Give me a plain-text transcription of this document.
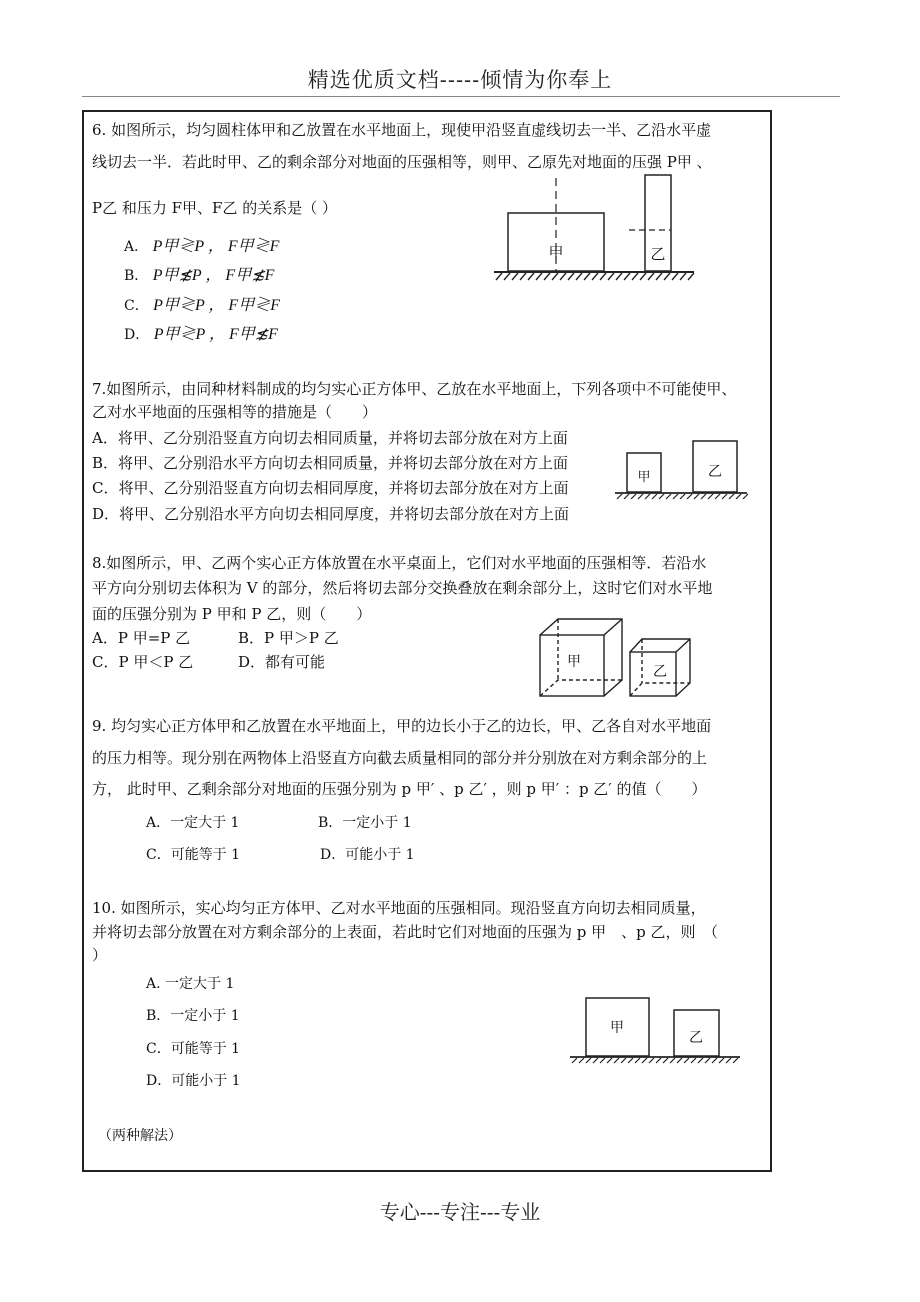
精选优质文档-----倾情为你奉上
6. 如图所示，均匀圆柱体甲和乙放置在水平地面上，现使甲沿竖直虚线切去一半、乙沿水平虚
线切去一半．若此时甲、乙的剩余部分对地面的压强相等，则甲、乙原先对地面的压强 P甲 、
P乙 和压力 F甲、F乙 的关系是（ ）
A． P甲≷P ， F甲≷F
B． P甲≴P ， F甲≴F
C． P甲≷P ， F甲≷F
D． P甲≷P ， F甲≴F
甲	乙
7.如图所示，由同种材料制成的均匀实心正方体甲、乙放在水平地面上，下列各项中不可能使甲、
乙对水平地面的压强相等的措施是（　　）
A．将甲、乙分别沿竖直方向切去相同质量，并将切去部分放在对方上面
B．将甲、乙分别沿水平方向切去相同质量，并将切去部分放在对方上面
C．将甲、乙分别沿竖直方向切去相同厚度，并将切去部分放在对方上面
D．将甲、乙分别沿水平方向切去相同厚度，并将切去部分放在对方上面
甲	乙
8.如图所示，甲、乙两个实心正方体放置在水平桌面上，它们对水平地面的压强相等．若沿水
平方向分别切去体积为 V 的部分，然后将切去部分交换叠放在剩余部分上，这时它们对水平地
面的压强分别为 P 甲和 P 乙，则（　　）
A．P 甲=P 乙	B．P 甲＞P 乙
C．P 甲＜P 乙	D．都有可能	甲
乙
9. 均匀实心正方体甲和乙放置在水平地面上，甲的边长小于乙的边长，甲、乙各自对水平地面
的压力相等。现分别在两物体上沿竖直方向截去质量相同的部分并分别放在对方剩余部分的上
方， 此时甲、乙剩余部分对地面的压强分别为 p 甲′ 、p 乙′ ，则 p 甲′ ：p 乙′ 的值（　　）
A．一定大于 1	B．一定小于 1
C．可能等于 1	D．可能小于 1
10. 如图所示，实心均匀正方体甲、乙对水平地面的压强相同。现沿竖直方向切去相同质量，
并将切去部分放置在对方剩余部分的上表面，若此时它们对地面的压强为 p 甲　、p 乙，则　（
）
A. 一定大于 1
B．一定小于 1
C．可能等于 1
D．可能小于 1
（两种解法）
甲
乙
专心---专注---专业
